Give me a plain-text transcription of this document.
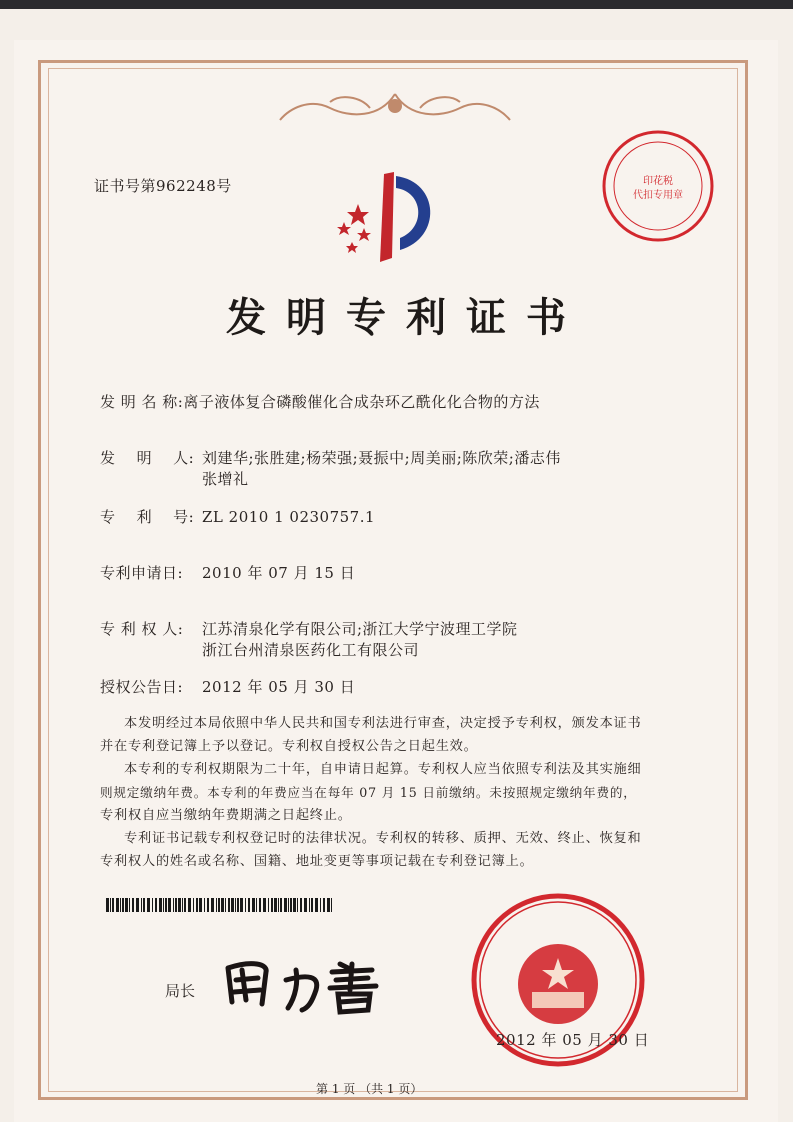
证书号第962248号	印花税
代扣专用章
发明专利证书
发 明 名 称:离子液体复合磷酸催化合成杂环乙酰化化合物的方法
发    明    人: 刘建华;张胜建;杨荣强;聂振中;周美丽;陈欣荣;潘志伟
张增礼
专    利    号: ZL 2010 1 0230757.1
专利申请日: 2010 年 07 月 15 日
专 利 权 人: 江苏清泉化学有限公司;浙江大学宁波理工学院
浙江台州清泉医药化工有限公司
授权公告日: 2012 年 05 月 30 日
本发明经过本局依照中华人民共和国专利法进行审查，决定授予专利权，颁发本证书
并在专利登记簿上予以登记。专利权自授权公告之日起生效。
本专利的专利权期限为二十年，自申请日起算。专利权人应当依照专利法及其实施细
则规定缴纳年费。本专利的年费应当在每年 07 月 15 日前缴纳。未按照规定缴纳年费的，
专利权自应当缴纳年费期满之日起终止。
专利证书记载专利权登记时的法律状况。专利权的转移、质押、无效、终止、恢复和
专利权人的姓名或名称、国籍、地址变更等事项记载在专利登记簿上。
局长
2012 年 05 月 30 日
第 1 页 （共 1 页）
